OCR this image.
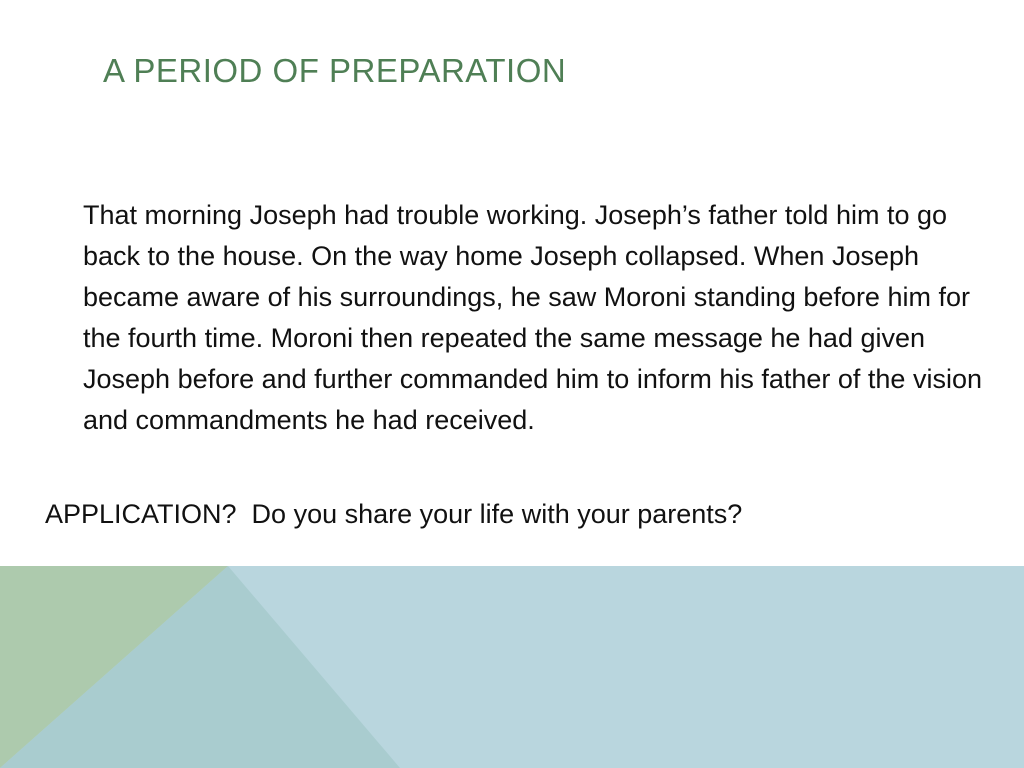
A PERIOD OF PREPARATION

That morning Joseph had trouble working. Joseph’s father told him to go back to the house. On the way home Joseph collapsed. When Joseph became aware of his surroundings, he saw Moroni standing before him for the fourth time. Moroni then repeated the same message he had given Joseph before and further commanded him to inform his father of the vision and commandments he had received.

APPLICATION?  Do you share your life with your parents?
